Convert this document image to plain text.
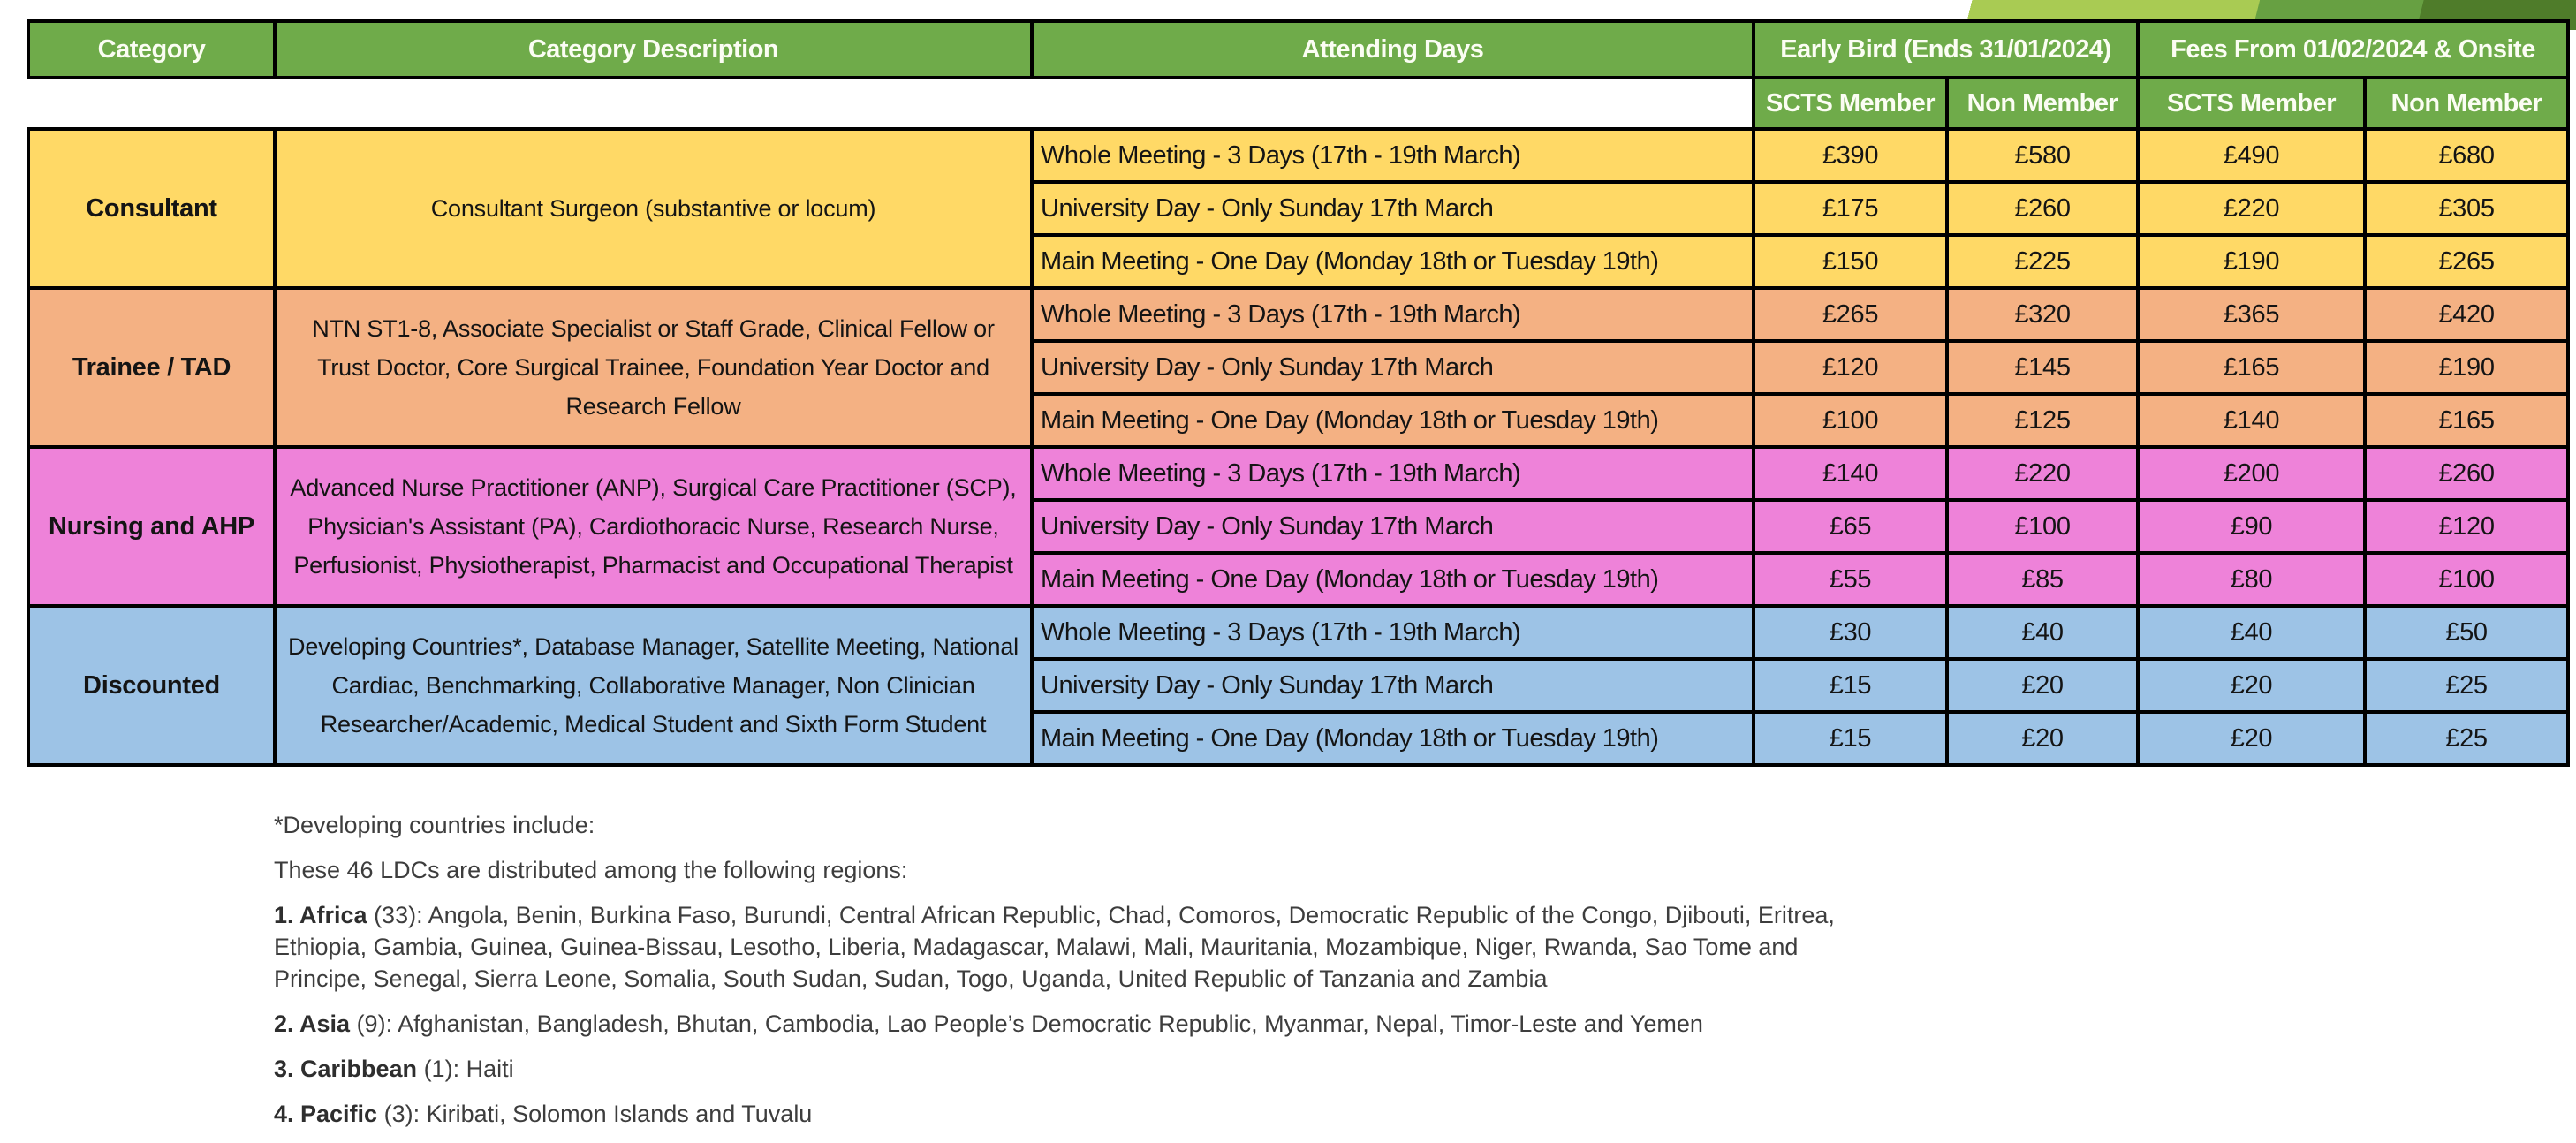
Category	Category Description	Attending Days	Early Bird (Ends 31/01/2024)		Fees From 01/02/2024 & Onsite	
			SCTS Member	Non Member	SCTS Member	Non Member
Consultant	Consultant Surgeon (substantive or locum)	Whole Meeting - 3 Days (17th - 19th March)	£390	£580	£490	£680
		University Day - Only Sunday 17th March	£175	£260	£220	£305
		Main Meeting - One Day (Monday 18th or Tuesday 19th)	£150	£225	£190	£265
Trainee / TAD	NTN ST1-8, Associate Specialist or Staff Grade, Clinical Fellow or Trust Doctor, Core Surgical Trainee, Foundation Year Doctor and Research Fellow	Whole Meeting - 3 Days (17th - 19th March)	£265	£320	£365	£420
		University Day - Only Sunday 17th March	£120	£145	£165	£190
		Main Meeting - One Day (Monday 18th or Tuesday 19th)	£100	£125	£140	£165
Nursing and AHP	Advanced Nurse Practitioner (ANP), Surgical Care Practitioner (SCP), Physician's Assistant (PA), Cardiothoracic Nurse, Research Nurse, Perfusionist, Physiotherapist, Pharmacist and Occupational Therapist	Whole Meeting - 3 Days (17th - 19th March)	£140	£220	£200	£260
		University Day - Only Sunday 17th March	£65	£100	£90	£120
		Main Meeting - One Day (Monday 18th or Tuesday 19th)	£55	£85	£80	£100
Discounted	Developing Countries*, Database Manager, Satellite Meeting, National Cardiac, Benchmarking, Collaborative Manager, Non Clinician Researcher/Academic, Medical Student and Sixth Form Student	Whole Meeting - 3 Days (17th - 19th March)	£30	£40	£40	£50
		University Day - Only Sunday 17th March	£15	£20	£20	£25
		Main Meeting - One Day (Monday 18th or Tuesday 19th)	£15	£20	£20	£25

*Developing countries include:

These 46 LDCs are distributed among the following regions:

1. Africa (33): Angola, Benin, Burkina Faso, Burundi, Central African Republic, Chad, Comoros, Democratic Republic of the Congo, Djibouti, Eritrea, Ethiopia, Gambia, Guinea, Guinea-Bissau, Lesotho, Liberia, Madagascar, Malawi, Mali, Mauritania, Mozambique, Niger, Rwanda, Sao Tome and Principe, Senegal, Sierra Leone, Somalia, South Sudan, Sudan, Togo, Uganda, United Republic of Tanzania and Zambia

2. Asia (9): Afghanistan, Bangladesh, Bhutan, Cambodia, Lao People’s Democratic Republic, Myanmar, Nepal, Timor-Leste and Yemen

3. Caribbean (1): Haiti

4. Pacific (3): Kiribati, Solomon Islands and Tuvalu
